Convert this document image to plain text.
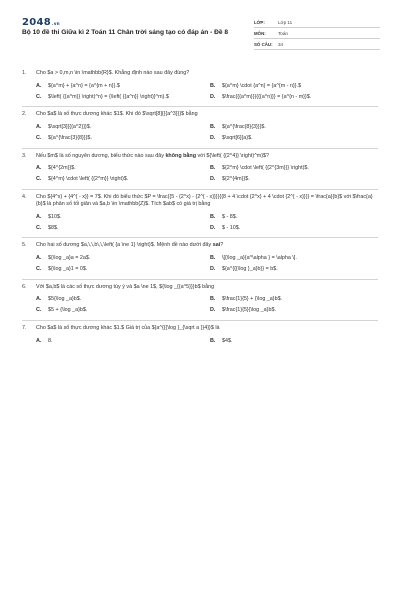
2048.vn
Bộ 10 đề thi Giữa kì 2 Toán 11 Chân trời sáng tạo có đáp án - Đề 8
LỚP:	Lớp 11
MÔN:	Toán
SỐ CÂU:	34
1.	Cho $a > 0,m,n \in \mathbb{R}$. Khẳng định nào sau đây đúng?
A.	${a^m} + {a^n} = {a^{m + n}}.$	B.	${a^m} \cdot {a^n} = {a^{m - n}}.$
C.	$\left( {{a^m}} \right)^n} = {\left( {{a^n}} \right)}^m}.$	D.	$\frac{{{a^m}}}{{{a^n}}} = {a^{n - m}}$.
2.	Cho $a$ là số thực dương khác $1$. Khi đó $\sqrt[8]{{{a^3}}}$ bằng
A.	$\sqrt[3]{{{a^2}}}$.	B.	${a^{\frac{8}{3}}}$.
C.	${a^{\frac{3}{8}}}$.	D.	$\sqrt[6]{a}$.
3.	Nếu $m$ là số nguyên dương, biểu thức nào sau đây không bằng với ${\left( {{2^4}} \right)^m}$?
A.	${4^{2m}}$.	B.	${2^m} \cdot \left( {{2^{3m}}} \right)$.
C.	${4^m} \cdot \left( {{2^m}} \right)$.	D.	${2^{4m}}$.
4.	Cho ${4^x} + {4^{ - x}} = 7$. Khi đó biểu thức $P = \frac{{5 - {2^x} - {2^{ - x}}}}{{8 + 4 \cdot {2^x} + 4 \cdot {2^{ - x}}}} = \frac{a}{b}$ với $\frac{a}{b}$ là phân số tối giản và $a,b \in \mathbb{Z}$. Tích $ab$ có giá trị bằng
A.	$10$.	B.	$ - 8$.
C.	$8$.	D.	$ - 10$.
5.	Cho hai số dương $a,\,\,b\,\,\left( {a \ne 1} \right)$. Mệnh đề nào dưới đây sai?
A.	${\log _a}a = 2a$.	B.	\[{\log _a}{a^\alpha } = \alpha \].
C.	${\log _a}1 = 0$.	D.	${a^{{{\log }_a}b}} = b$.
6.	Với $a,b$ là các số thực dương tùy ý và $a \ne 1$, ${\log _{{a^5}}}b$ bằng
A.	$5{\log _a}b$.	B.	$\frac{1}{5} + {\log _a}b$.
C.	$5 + {\log _a}b$.	D.	$\frac{1}{5}{\log _a}b$.
7.	Cho $a$ là số thực dương khác $1.$ Giá trị của ${a^{{{\log }_{\sqrt a }}4}}$ là
A.	8.	B.	$4$.
